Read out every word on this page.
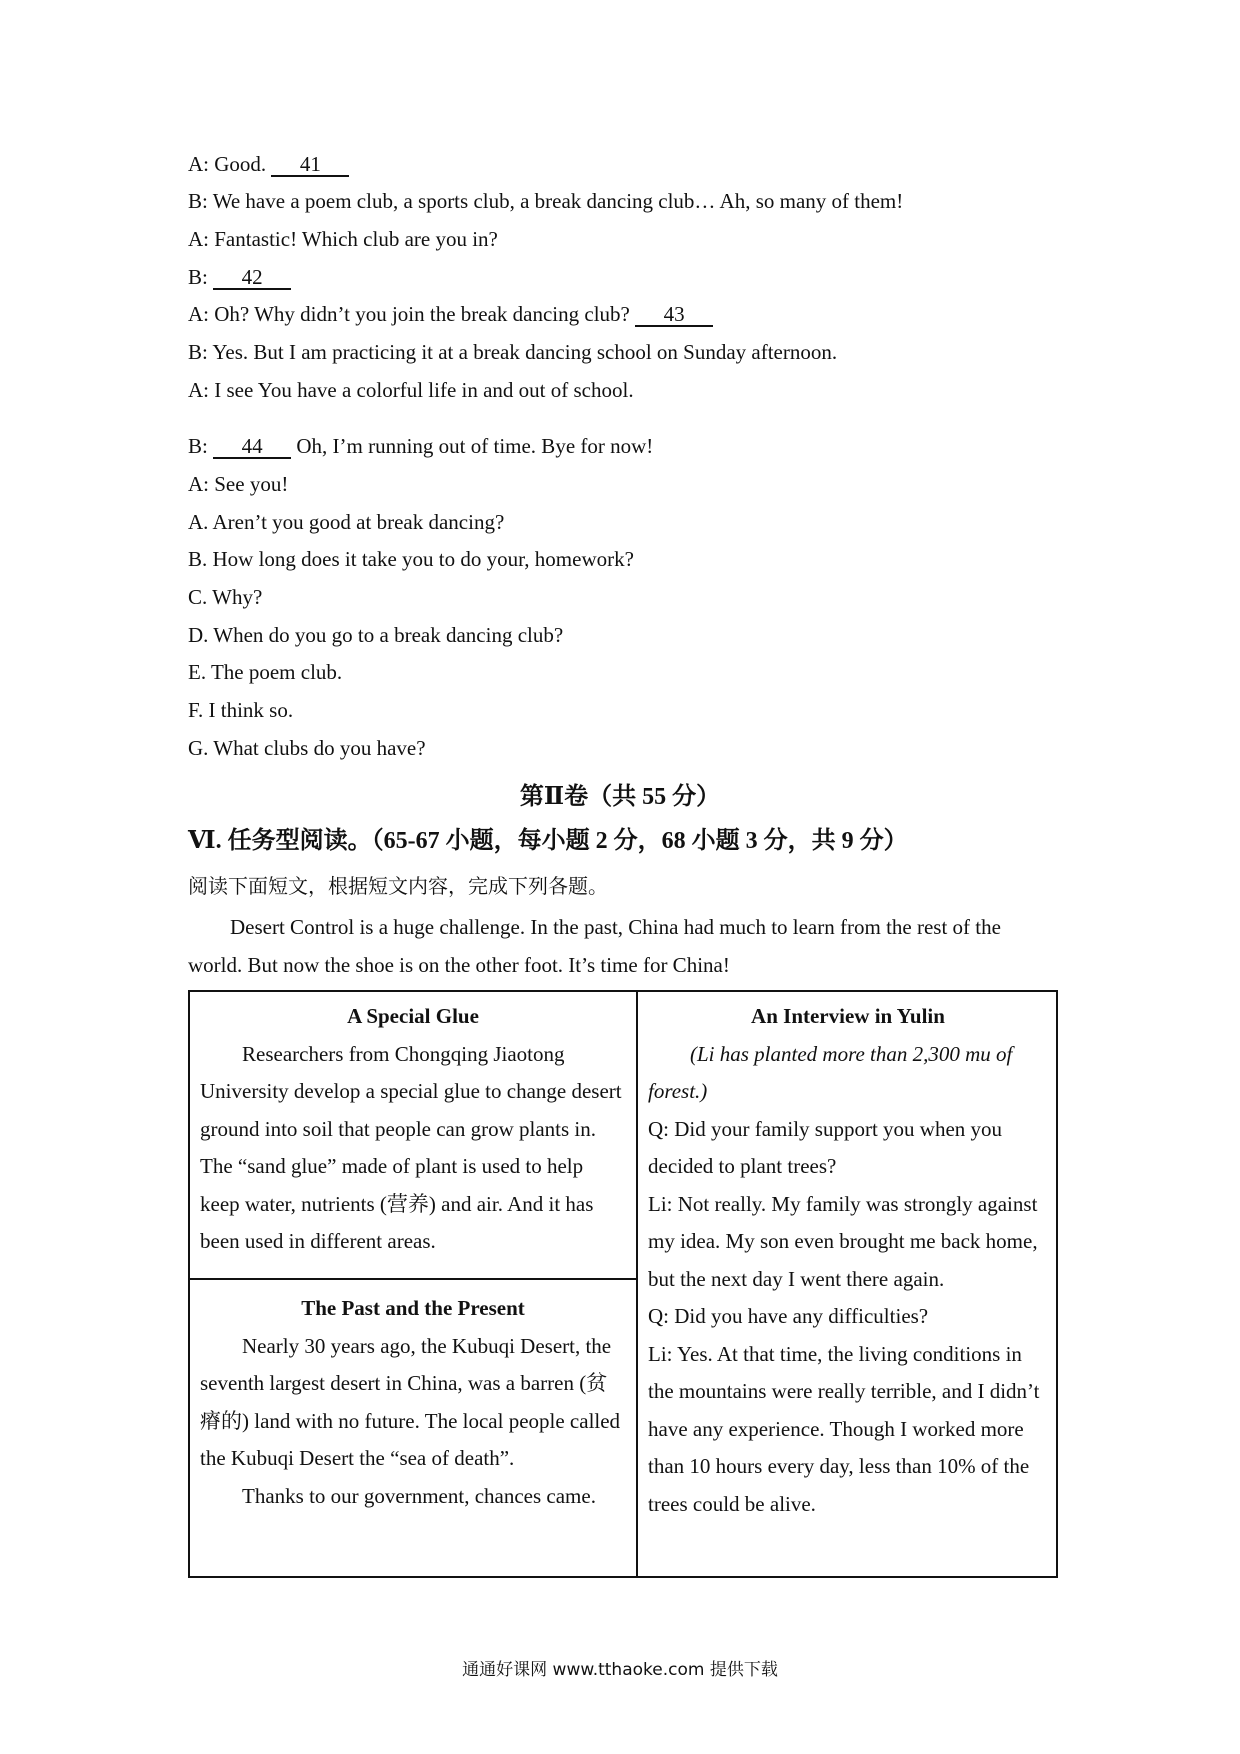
A: Good. 41
B: We have a poem club, a sports club, a break dancing club… Ah, so many of them!
A: Fantastic! Which club are you in?
B: 42
A: Oh? Why didn’t you join the break dancing club? 43
B: Yes. But I am practicing it at a break dancing school on Sunday afternoon.
A: I see You have a colorful life in and out of school.
B: 44 Oh, I’m running out of time. Bye for now!
A: See you!
A. Aren’t you good at break dancing?
B. How long does it take you to do your, homework?
C. Why?
D. When do you go to a break dancing club?
E. The poem club.
F. I think so.
G. What clubs do you have?
第Ⅱ卷（共 55 分）
Ⅵ. 任务型阅读。（65-67 小题，每小题 2 分，68 小题 3 分，共 9 分）
阅读下面短文，根据短文内容，完成下列各题。
Desert Control is a huge challenge. In the past, China had much to learn from the rest of the world. But now the shoe is on the other foot. It’s time for China!
A Special Glue
Researchers from Chongqing Jiaotong University develop a special glue to change desert ground into soil that people can grow plants in. The “sand glue” made of plant is used to help keep water, nutrients (营养) and air. And it has been used in different areas.
The Past and the Present
Nearly 30 years ago, the Kubuqi Desert, the seventh largest desert in China, was a barren (贫瘠的) land with no future. The local people called the Kubuqi Desert the “sea of death”.
Thanks to our government, chances came.
An Interview in Yulin
(Li has planted more than 2,300 mu of forest.)
Q: Did your family support you when you decided to plant trees?
Li: Not really. My family was strongly against my idea. My son even brought me back home, but the next day I went there again.
Q: Did you have any difficulties?
Li: Yes. At that time, the living conditions in the mountains were really terrible, and I didn’t have any experience. Though I worked more than 10 hours every day, less than 10% of the trees could be alive.
通通好课网 www.tthaoke.com 提供下载
